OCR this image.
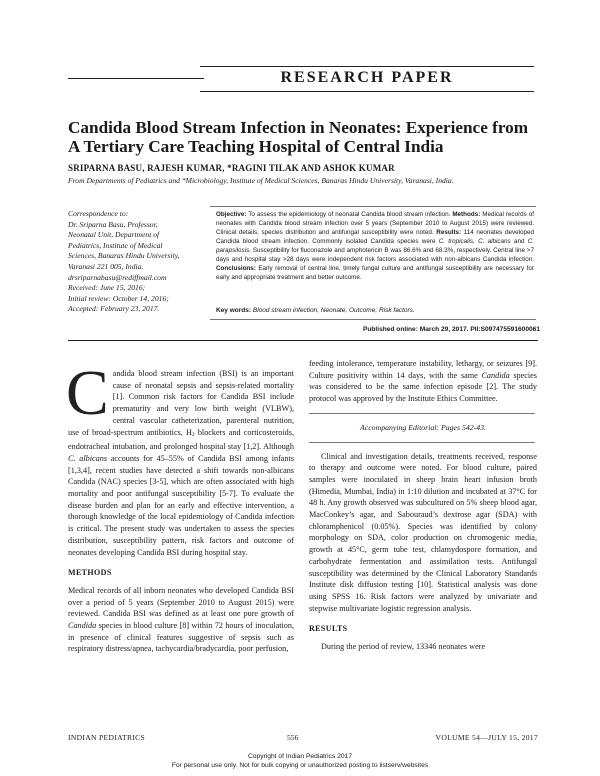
RESEARCH PAPER
Candida Blood Stream Infection in Neonates: Experience from A Tertiary Care Teaching Hospital of Central India
SRIPARNA BASU, RAJESH KUMAR, *RAGINI TILAK AND ASHOK KUMAR
From Departments of Pediatrics and *Microbiology, Institute of Medical Sciences, Banaras Hindu University, Varanasi, India.
Correspondence to:
Dr. Sriparna Basu, Professor,
Neonatal Unit, Department of
Pediatrics, Institute of Medical
Sciences, Banaras Hindu University,
Varanasi 221 005, India.
drsriparnabasu@rediffmail.com
Received: June 15, 2016;
Initial review: October 14, 2016;
Accepted: February 23, 2017.
Objective: To assess the epidemiology of neonatal Candida blood stream infection. Methods: Medical records of neonates with Candida blood stream infection over 5 years (September 2010 to August 2015) were reviewed. Clinical details, species distribution and antifungal susceptibility were noted. Results: 114 neonates developed Candida blood stream infection. Commonly isolated Candida species were C. tropicalis, C. albicans and C. parapsilosis. Susceptibility for fluconazole and amphotericin B was 86.6% and 68.3%, respectively. Central line >7 days and hospital stay >28 days were independent risk factors associated with non-albicans Candida infection. Conclusions: Early removal of central line, timely fungal culture and antifungal susceptibility are necessary for early and appropriate treatment and better outcome.
Key words: Blood stream infection, Neonate, Outcome, Risk factors.
Published online: March 29, 2017. PII:S097475591600061

Candida blood stream infection (BSI) is an important cause of neonatal sepsis and sepsis-related mortality [1]. Common risk factors for Candida BSI include prematurity and very low birth weight (VLBW), central vascular catheterization, parenteral nutrition, use of broad-spectrum antibiotics, $H_2$ blockers and corticosteroids, endotracheal intubation, and prolonged hospital stay [1,2]. Although C. albicans accounts for 45–55% of Candida BSI among infants [1,3,4], recent studies have detected a shift towards non-albicans Candida (NAC) species [3-5], which are often associated with high mortality and poor antifungal susceptibility [5-7]. To evaluate the disease burden and plan for an early and effective intervention, a thorough knowledge of the local epidemiology of Candida infection is critical. The present study was undertaken to assess the species distribution, susceptibility pattern, risk factors and outcome of neonates developing Candida BSI during hospital stay.

METHODS

Medical records of all inborn neonates who developed Candida BSI over a period of 5 years (September 2010 to August 2015) were reviewed. Candida BSI was defined as at least one pure growth of Candida species in blood culture [8] within 72 hours of inoculation, in presence of clinical features suggestive of sepsis such as respiratory distress/apnea, tachycardia/bradycardia, poor perfusion,

feeding intolerance, temperature instability, lethargy, or seizures [9]. Culture positivity within 14 days, with the same Candida species was considered to be the same infection episode [2]. The study protocol was approved by the Institute Ethics Committee.

Accompanying Editorial: Pages 542-43.

Clinical and investigation details, treatments received, response to therapy and outcome were noted. For blood culture, paired samples were inoculated in sheep brain heart infusion broth (Himedia, Mumbai, India) in 1:10 dilution and incubated at 37°C for 48 h. Any growth observed was subcultured on 5% sheep blood agar, MacConkey’s agar, and Sabouraud’s dextrose agar (SDA) with chloramphenicol (0.05%). Species was identified by colony morphology on SDA, color production on chromogenic media, growth at 45°C, germ tube test, chlamydospore formation, and carbohydrate fermentation and assimilation tests. Antifungal susceptibility was determined by the Clinical Laboratory Standards Institute disk diffusion testing [10]. Statistical analysis was done using SPSS 16. Risk factors were analyzed by univariate and stepwise multivariate logistic regression analysis.

RESULTS

During the period of review, 13346 neonates were

INDIAN PEDIATRICS	556	VOLUME 54—JULY 15, 2017
Copyright of Indian Pediatrics 2017
For personal use only. Not for bulk copying or unauthorized posting to listserv/websites
